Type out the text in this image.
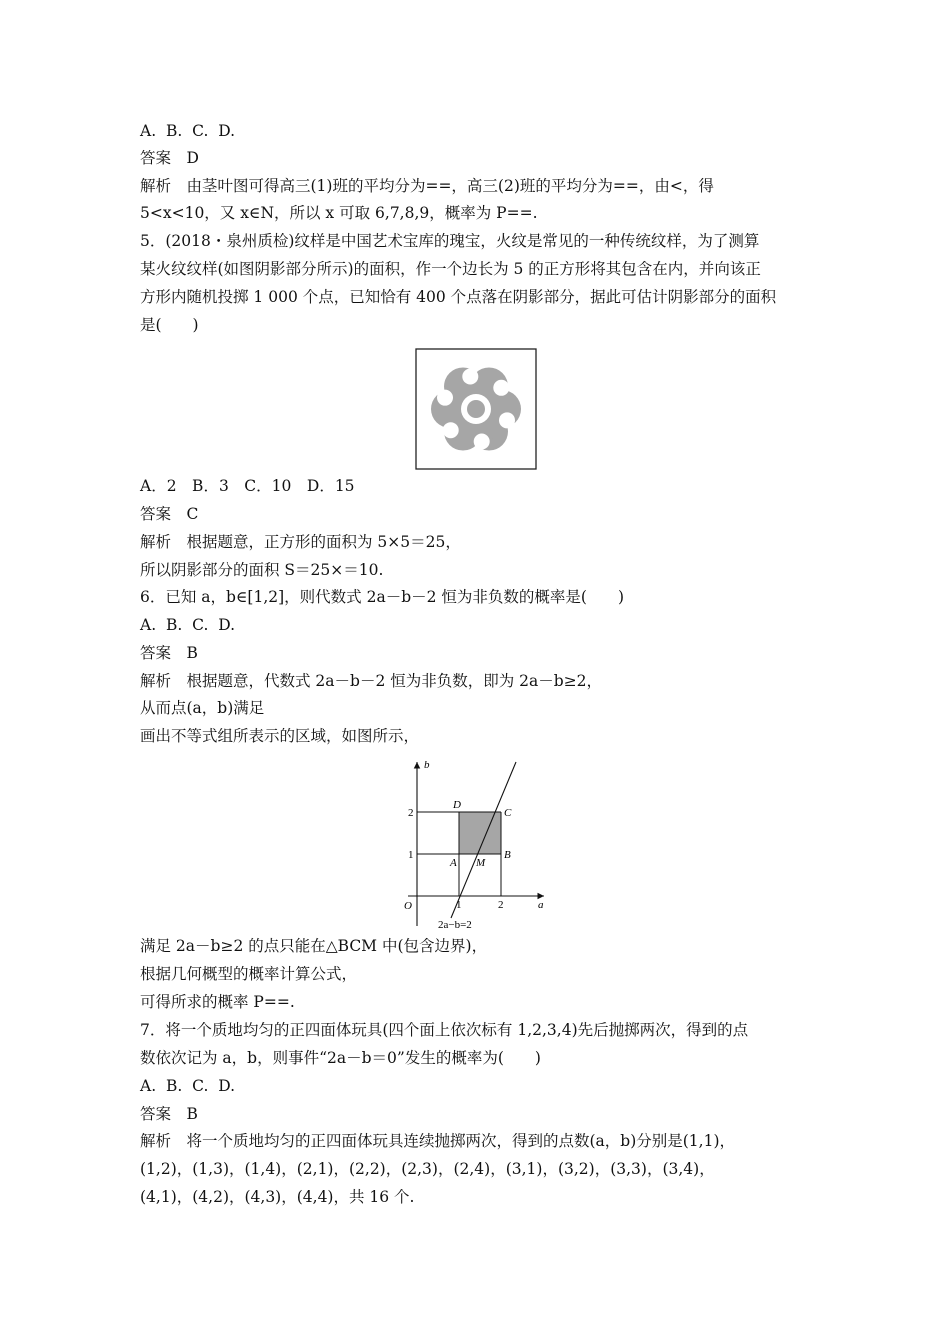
A.  B.  C.  D.
答案　D
解析　由茎叶图可得高三(1)班的平均分为==，高三(2)班的平均分为==，由<，得
5<x<10，又 x∈N，所以 x 可取 6,7,8,9，概率为 P==.
5．(2018・泉州质检)纹样是中国艺术宝库的瑰宝，火纹是常见的一种传统纹样，为了测算
某火纹纹样(如图阴影部分所示)的面积，作一个边长为 5 的正方形将其包含在内，并向该正
方形内随机投掷 1 000 个点，已知恰有 400 个点落在阴影部分，据此可估计阴影部分的面积
是(　　)
A．2　B．3　C．10　D．15
答案　C
解析　根据题意，正方形的面积为 5×5＝25，
所以阴影部分的面积 S＝25×＝10.
6．已知 a，b∈[1,2]，则代数式 2a－b－2 恒为非负数的概率是(　　)
A.  B.  C.  D.
答案　B
解析　根据题意，代数式 2a－b－2 恒为非负数，即为 2a－b≥2，
从而点(a，b)满足
画出不等式组所表示的区域，如图所示，
满足 2a－b≥2 的点只能在△BCM 中(包含边界)，
根据几何概型的概率计算公式，
可得所求的概率 P==.
7．将一个质地均匀的正四面体玩具(四个面上依次标有 1,2,3,4)先后抛掷两次，得到的点
数依次记为 a，b，则事件“2a－b＝0”发生的概率为(　　)
A.  B.  C.  D.
答案　B
解析　将一个质地均匀的正四面体玩具连续抛掷两次，得到的点数(a，b)分别是(1,1)，
(1,2)，(1,3)，(1,4)，(2,1)，(2,2)，(2,3)，(2,4)，(3,1)，(3,2)，(3,3)，(3,4)，
(4,1)，(4,2)，(4,3)，(4,4)，共 16 个.
b
a
O	1	2
1
2
D
C
A
B
M
2a−b=2
